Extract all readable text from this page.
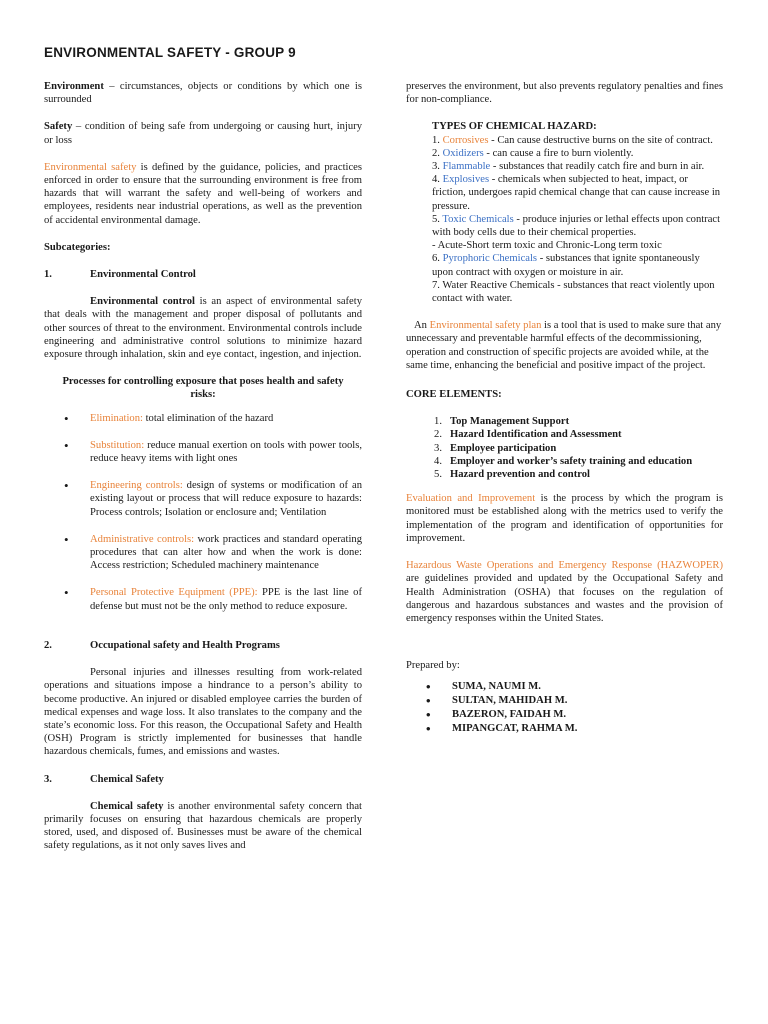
ENVIRONMENTAL SAFETY - GROUP 9

Environment – circumstances, objects or conditions by which one is surrounded

Safety – condition of being safe from undergoing or causing hurt, injury or loss

Environmental safety is defined by the guidance, policies, and practices enforced in order to ensure that the surrounding environment is free from hazards that will warrant the safety and well-being of workers and employees, residents near industrial operations, as well as the prevention of accidental environmental damage.

Subcategories:

1.	Environmental Control

Environmental control is an aspect of environmental safety that deals with the management and proper disposal of pollutants and other sources of threat to the environment. Environmental controls include engineering and administrative control solutions to minimize hazard exposure through inhalation, skin and eye contact, ingestion, and injection.

Processes for controlling exposure that poses health and safety risks:

• Elimination: total elimination of the hazard
• Substitution: reduce manual exertion on tools with power tools, reduce heavy items with light ones
• Engineering controls: design of systems or modification of an existing layout or process that will reduce exposure to hazards: Process controls; Isolation or enclosure and; Ventilation
• Administrative controls: work practices and standard operating procedures that can alter how and when the work is done: Access restriction; Scheduled machinery maintenance
• Personal Protective Equipment (PPE): PPE is the last line of defense but must not be the only method to reduce exposure.
2.	Occupational safety and Health Programs

Personal injuries and illnesses resulting from work-related operations and situations impose a hindrance to a person’s ability to become productive. An injured or disabled employee carries the burden of medical expenses and wage loss. It also translates to the company and the state’s economic loss. For this reason, the Occupational Safety and Health (OSH) Program is strictly implemented for businesses that handle hazardous chemicals, fumes, and emissions and wastes.

3.	Chemical Safety

Chemical safety is another environmental safety concern that primarily focuses on ensuring that hazardous chemicals are properly stored, used, and disposed of. Businesses must be aware of the chemical safety regulations, as it not only saves lives and

preserves the environment, but also prevents regulatory penalties and fines for non-compliance.

TYPES OF CHEMICAL HAZARD:

1. Corrosives - Can cause destructive burns on the site of contract.
2. Oxidizers - can cause a fire to burn violently.
3. Flammable - substances that readily catch fire and burn in air.
4. Explosives - chemicals when subjected to heat, impact, or friction, undergoes rapid chemical change that can cause increase in pressure.
5. Toxic Chemicals - produce injuries or lethal effects upon contract with body cells due to their chemical properties.
- Acute-Short term toxic and Chronic-Long term toxic
6. Pyrophoric Chemicals - substances that ignite spontaneously upon contract with oxygen or moisture in air.
7. Water Reactive Chemicals - substances that react violently upon contact with water.

An Environmental safety plan is a tool that is used to make sure that any unnecessary and preventable harmful effects of the decommissioning, operation and construction of specific projects are avoided while, at the same time, enhancing the beneficial and positive impact of the project.

CORE ELEMENTS:

1. Top Management Support
2. Hazard Identification and Assessment
3. Employee participation
4. Employer and worker’s safety training and education
5. Hazard prevention and control

Evaluation and Improvement is the process by which the program is monitored must be established along with the metrics used to verify the implementation of the program and identification of opportunities for improvement.

Hazardous Waste Operations and Emergency Response (HAZWOPER) are guidelines provided and updated by the Occupational Safety and Health Administration (OSHA) that focuses on the regulation of dangerous and hazardous substances and wastes and the provision of emergency responses within the United States.

Prepared by:

• SUMA, NAUMI M.
• SULTAN, MAHIDAH M.
• BAZERON, FAIDAH M.
• MIPANGCAT, RAHMA M.
